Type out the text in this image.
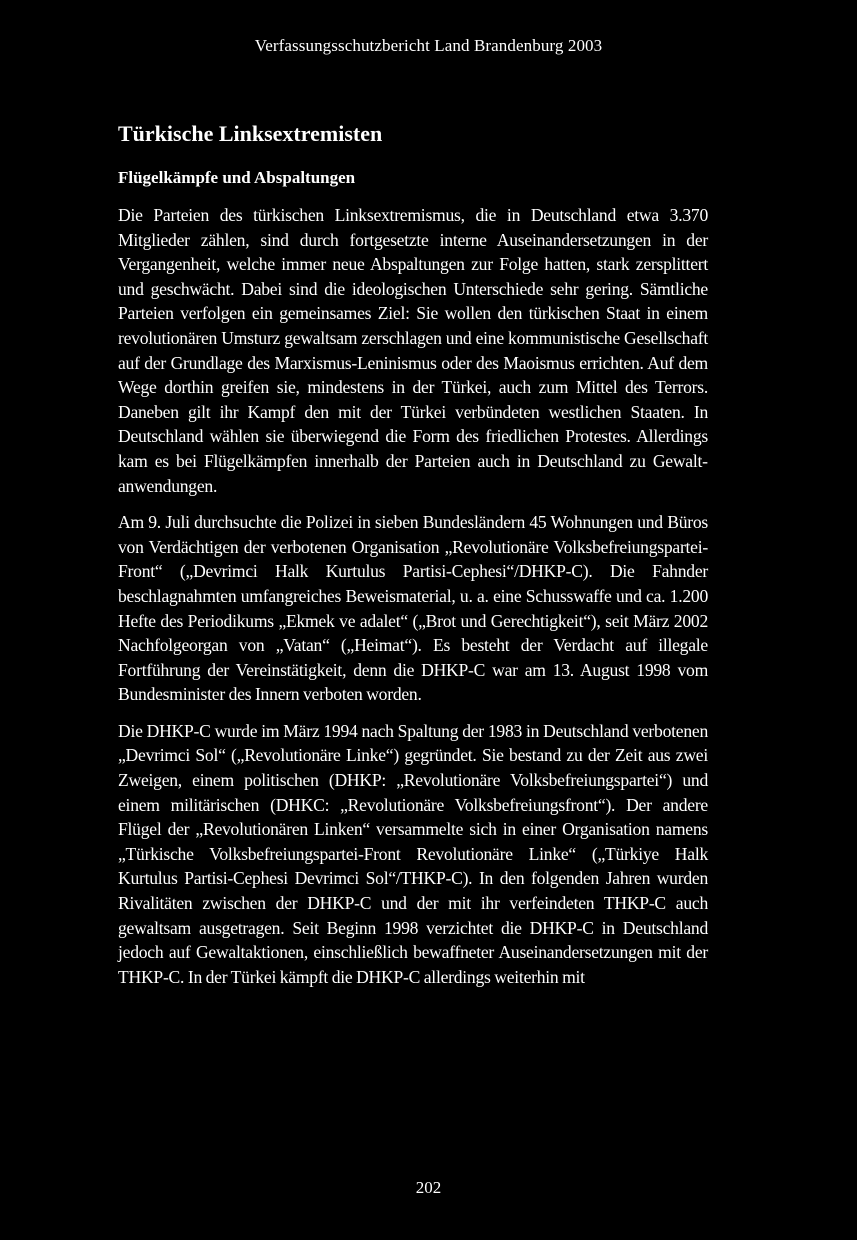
Verfassungsschutzbericht Land Brandenburg 2003
Türkische Linksextremisten
Flügelkämpfe und Abspaltungen

Die Parteien des türkischen Linksextremismus, die in Deutschland etwa 3.370 Mitglieder zählen, sind durch fortgesetzte interne Auseinandersetzungen in der Vergangenheit, welche immer neue Abspaltungen zur Folge hatten, stark zersplittert und geschwächt. Dabei sind die ideologischen Unterschiede sehr gering. Sämtliche Parteien verfolgen ein gemeinsames Ziel: Sie wollen den türkischen Staat in einem revolutionären Umsturz gewaltsam zerschlagen und eine kommunistische Gesellschaft auf der Grundlage des Marxismus-Leninismus oder des Maoismus errichten. Auf dem Wege dorthin greifen sie, mindestens in der Türkei, auch zum Mittel des Terrors. Daneben gilt ihr Kampf den mit der Türkei verbündeten westlichen Staaten. In Deutschland wählen sie überwiegend die Form des friedlichen Protestes. Allerdings kam es bei Flügelkämpfen innerhalb der Parteien auch in Deutschland zu Gewaltanwendungen.

Am 9. Juli durchsuchte die Polizei in sieben Bundesländern 45 Wohnungen und Büros von Verdächtigen der verbotenen Organisation „Revolutionäre Volksbefreiungspartei-Front“ („Devrimci Halk Kurtulus Partisi-Cephesi“/DHKP-C). Die Fahnder beschlagnahmten umfangreiches Beweismaterial, u. a. eine Schusswaffe und ca. 1.200 Hefte des Periodikums „Ekmek ve adalet“ („Brot und Gerechtigkeit“), seit März 2002 Nachfolgeorgan von „Vatan“ („Heimat“). Es besteht der Verdacht auf illegale Fortführung der Vereinstätigkeit, denn die DHKP-C war am 13. August 1998 vom Bundesminister des Innern verboten worden.

Die DHKP-C wurde im März 1994 nach Spaltung der 1983 in Deutschland verbotenen „Devrimci Sol“ („Revolutionäre Linke“) gegründet. Sie bestand zu der Zeit aus zwei Zweigen, einem politischen (DHKP: „Revolutionäre Volksbefreiungspartei“) und einem militärischen (DHKC: „Revolutionäre Volksbefreiungsfront“). Der andere Flügel der „Revolutionären Linken“ versammelte sich in einer Organisation namens „Türkische Volksbefreiungspartei-Front Revolutionäre Linke“ („Türkiye Halk Kurtulus Partisi-Cephesi Devrimci Sol“/THKP-C). In den folgenden Jahren wurden Rivalitäten zwischen der DHKP-C und der mit ihr verfeindeten THKP-C auch gewaltsam ausgetragen. Seit Beginn 1998 verzichtet die DHKP-C in Deutschland jedoch auf Gewaltaktionen, einschließlich bewaffneter Auseinandersetzungen mit der THKP-C. In der Türkei kämpft die DHKP-C allerdings weiterhin mit

202
